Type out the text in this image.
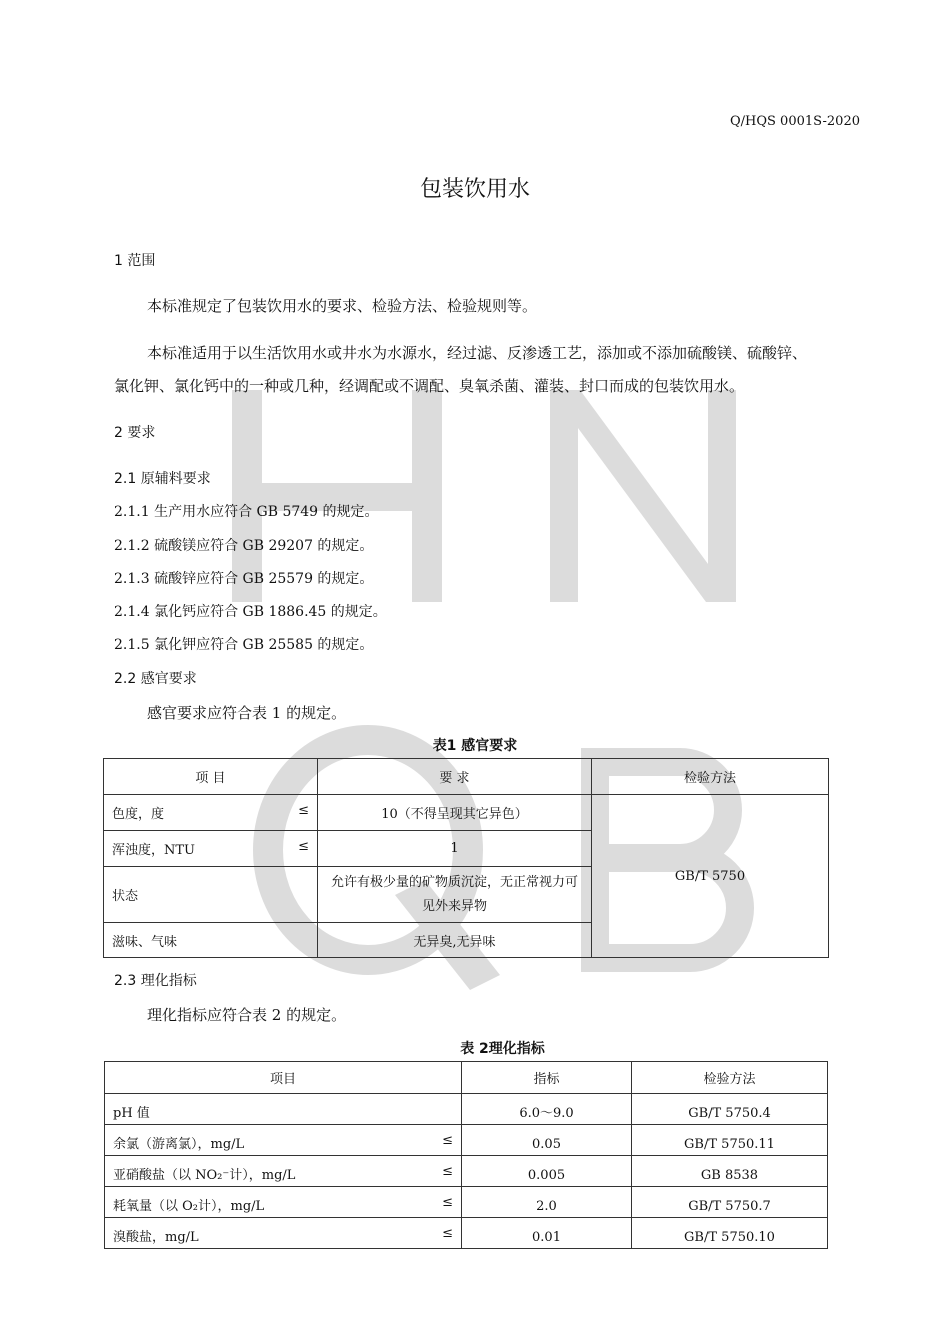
Q/HQS 0001S-2020
包装饮用水
1 范围
本标准规定了包装饮用水的要求、检验方法、检验规则等。
本标准适用于以生活饮用水或井水为水源水，经过滤、反渗透工艺，添加或不添加硫酸镁、硫酸锌、
氯化钾、氯化钙中的一种或几种，经调配或不调配、臭氧杀菌、灌装、封口而成的包装饮用水。
2 要求
2.1 原辅料要求
2.1.1 生产用水应符合 GB 5749 的规定。
2.1.2 硫酸镁应符合 GB 29207 的规定。
2.1.3 硫酸锌应符合 GB 25579 的规定。
2.1.4 氯化钙应符合 GB 1886.45 的规定。
2.1.5 氯化钾应符合 GB 25585 的规定。
2.2 感官要求
感官要求应符合表 1 的规定。
表1 感官要求
项 目	要 求	检验方法
色度，度 ≤	10（不得呈现其它异色）	GB/T 5750
浑浊度，NTU ≤	1	
状态	允许有极少量的矿物质沉淀，无正常视力可见外来异物	
滋味、气味	无异臭,无异味	
2.3 理化指标
理化指标应符合表 2 的规定。
表 2理化指标
项目	指标	检验方法
pH 值	6.0～9.0	GB/T 5750.4
余氯（游离氯），mg/L ≤	0.05	GB/T 5750.11
亚硝酸盐（以 NO₂⁻计），mg/L ≤	0.005	GB 8538
耗氧量（以 O₂计），mg/L ≤	2.0	GB/T 5750.7
溴酸盐，mg/L ≤	0.01	GB/T 5750.10
